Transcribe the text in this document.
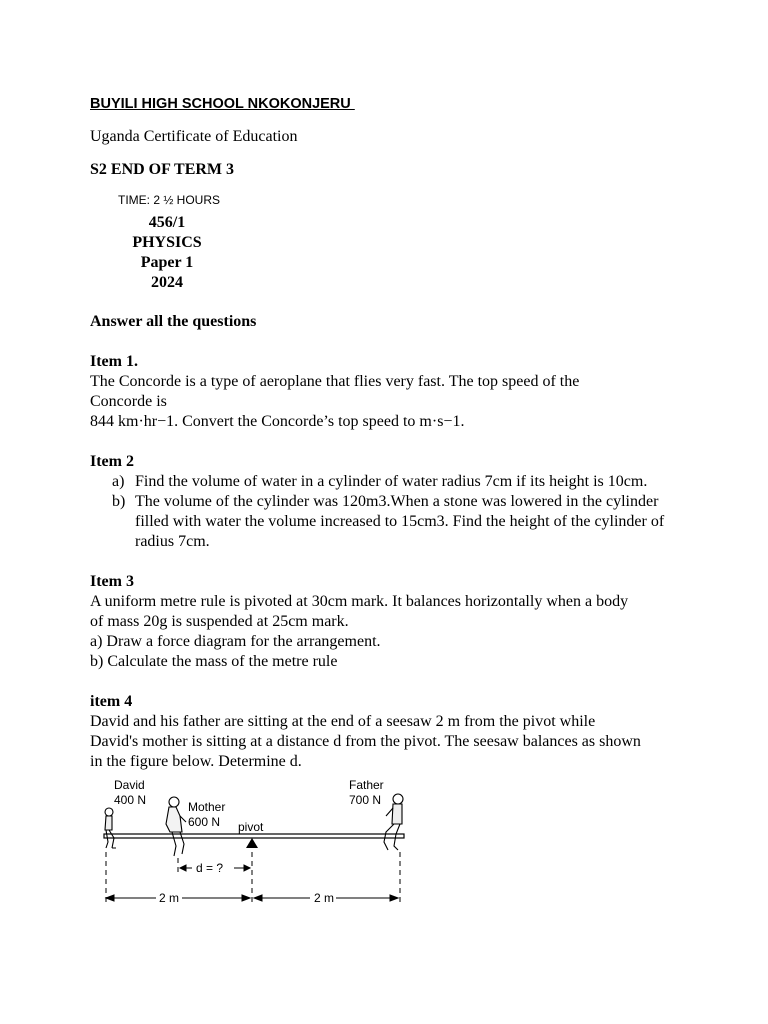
BUYILI HIGH SCHOOL NKOKONJERU
Uganda Certificate of Education
S2 END OF TERM 3
TIME: 2 ½ HOURS
456/1
PHYSICS
Paper 1
2024
Answer all the questions
Item 1.

The Concorde is a type of aeroplane that flies very fast. The top speed of the

Concorde is

844 km·hr−1. Convert the Concorde’s top speed to m·s−1.

Item 2
a) Find the volume of water in a cylinder of water radius 7cm if its height is 10cm.
b) The volume of the cylinder was 120m3.When a stone was lowered in the cylinder filled with water the volume increased to 15cm3. Find the height of the cylinder of radius 7cm.
Item 3

A uniform metre rule is pivoted at 30cm mark. It balances horizontally when a body

of mass 20g is suspended at 25cm mark.

a) Draw a force diagram for the arrangement.

b) Calculate the mass of the metre rule

item 4

David and his father are sitting at the end of a seesaw 2 m from the pivot while

David's mother is sitting at a distance d from the pivot. The seesaw balances as shown

in the figure below. Determine d.

David
400 N	Mother
600 N pivot
Father
700 N
d = ?
2 m	2 m
